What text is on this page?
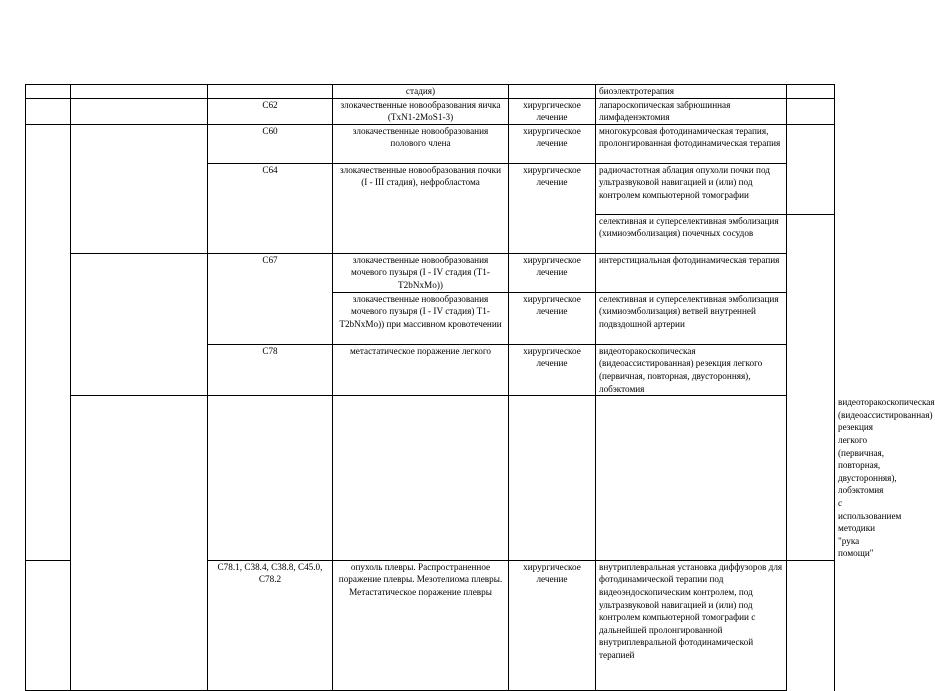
			стадия)		биоэлектротерапия		
		C62	злокачественные новообразования яичка (TxN1-2MoS1-3)	хирургическое лечение	лапароскопическая забрюшинная лимфаденэктомия		
		C60	злокачественные новообразования полового члена	хирургическое лечение	многокурсовая фотодинамическая терапия, пролонгированная фотодинамическая терапия		
		C64	злокачественные новообразования почки (I - III стадия), нефробластома	хирургическое лечение	радиочастотная аблация опухоли почки под ультразвуковой навигацией и (или) под контролем компьютерной томографии		
					селективная и суперселективная эмболизация (химиоэмболизация) почечных сосудов		
		C67	злокачественные новообразования мочевого пузыря (I - IV стадия (T1-T2bNxMo))	хирургическое лечение	интерстициальная фотодинамическая терапия		
			злокачественные новообразования мочевого пузыря (I - IV стадия) T1-T2bNxMo)) при массивном кровотечении	хирургическое лечение	селективная и суперселективная эмболизация (химиоэмболизация) ветвей внутренней подвздошной артерии		
		C78	метастатическое поражение легкого	хирургическое лечение	видеоторакоскопическая (видеоассистированная) резекция легкого (первичная, повторная, двусторонняя), лобэктомия		
							видеоторакоскопическая (видеоассистированная) резекция легкого (первичная, повторная, двусторонняя), лобэктомия с использованием методики "рука помощи"	
		C78.1, C38.4, C38.8, C45.0, C78.2	опухоль плевры. Распространенное поражение плевры. Мезотелиома плевры. Метастатическое поражение плевры	хирургическое лечение	внутриплевральная установка диффузоров для фотодинамической терапии под видеоэндоскопическим контролем, под ультразвуковой навигацией и (или) под контролем компьютерной томографии с дальнейшей пролонгированной внутриплевральной фотодинамической терапией		
